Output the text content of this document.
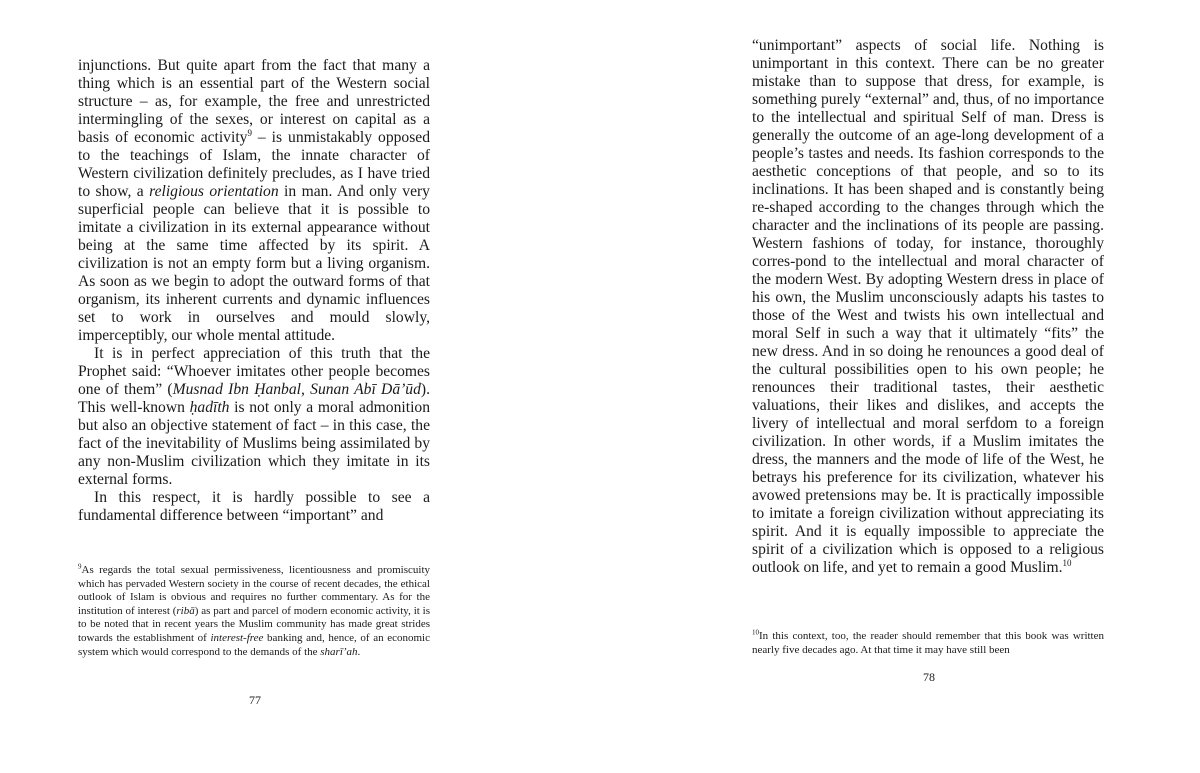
injunctions. But quite apart from the fact that many a thing which is an essential part of the Western social structure – as, for example, the free and unrestricted intermingling of the sexes, or interest on capital as a basis of economic activity$^9$ – is unmistakably opposed to the teachings of Islam, the innate character of Western civilization definitely precludes, as I have tried to show, a religious orientation in man. And only very superficial people can believe that it is possible to imitate a civilization in its external appearance without being at the same time affected by its spirit. A civilization is not an empty form but a living organism. As soon as we begin to adopt the outward forms of that organism, its inherent currents and dynamic influences set to work in ourselves and mould slowly, imperceptibly, our whole mental attitude.

It is in perfect appreciation of this truth that the Prophet said: “Whoever imitates other people becomes one of them” (Musnad Ibn Ḥanbal, Sunan Abī Dā’ūd). This well-known ḥadīth is not only a moral admonition but also an objective statement of fact – in this case, the fact of the inevitability of Muslims being assimilated by any non-Muslim civilization which they imitate in its external forms.

In this respect, it is hardly possible to see a fundamental difference between “important” and

$^9$As regards the total sexual permissiveness, licentiousness and promiscuity which has pervaded Western society in the course of recent decades, the ethical outlook of Islam is obvious and requires no further commentary. As for the institution of interest (ribā) as part and parcel of modern economic activity, it is to be noted that in recent years the Muslim community has made great strides towards the establishment of interest-free banking and, hence, of an economic system which would correspond to the demands of the sharī’ah.
77

“unimportant” aspects of social life. Nothing is unimportant in this context. There can be no greater mistake than to suppose that dress, for example, is something purely “external” and, thus, of no importance to the intellectual and spiritual Self of man. Dress is generally the outcome of an age-long development of a people’s tastes and needs. Its fashion corresponds to the aesthetic conceptions of that people, and so to its inclinations. It has been shaped and is constantly being re-shaped according to the changes through which the character and the inclinations of its people are passing. Western fashions of today, for instance, thoroughly corres-pond to the intellectual and moral character of the modern West. By adopting Western dress in place of his own, the Muslim unconsciously adapts his tastes to those of the West and twists his own intellectual and moral Self in such a way that it ultimately “fits” the new dress. And in so doing he renounces a good deal of the cultural possibilities open to his own people; he renounces their traditional tastes, their aesthetic valuations, their likes and dislikes, and accepts the livery of intellectual and moral serfdom to a foreign civilization. In other words, if a Muslim imitates the dress, the manners and the mode of life of the West, he betrays his preference for its civilization, whatever his avowed pretensions may be. It is practically impossible to imitate a foreign civilization without appreciating its spirit. And it is equally impossible to appreciate the spirit of a civilization which is opposed to a religious outlook on life, and yet to remain a good Muslim.$^{10}$

$^{10}$In this context, too, the reader should remember that this book was written nearly five decades ago. At that time it may have still been
78
